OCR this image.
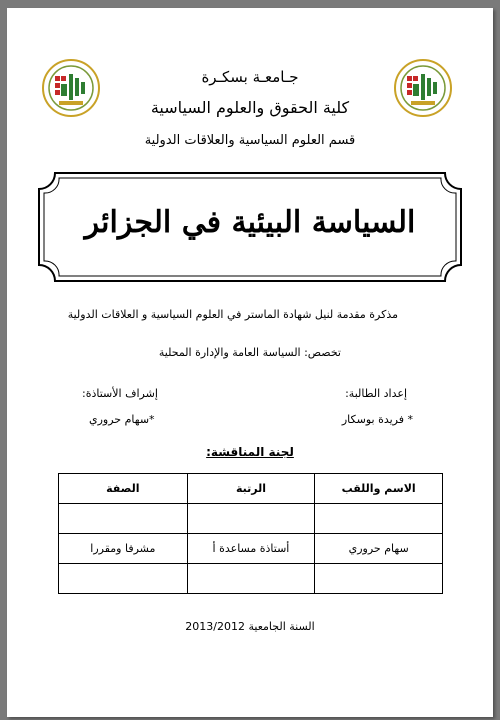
جـامعـة بسكـرة
كلية الحقوق والعلوم السياسية
قسم العلوم السياسية والعلاقات الدولية
السياسة البيئية في الجزائر
مذكرة مقدمة لنيل شهادة الماستر في العلوم السياسية و العلاقات الدولية
تخصص: السياسة العامة والإدارة المحلية
إعداد الطالبة:
* فريدة بوسكار
إشراف الأستاذة:
*سهام حروري
لجنة المناقشة:
الاسم واللقب	الرتبة	الصفة

سهام حروري	أستاذة مساعدة أ	مشرفا ومقررا

السنة الجامعية 2013/2012
